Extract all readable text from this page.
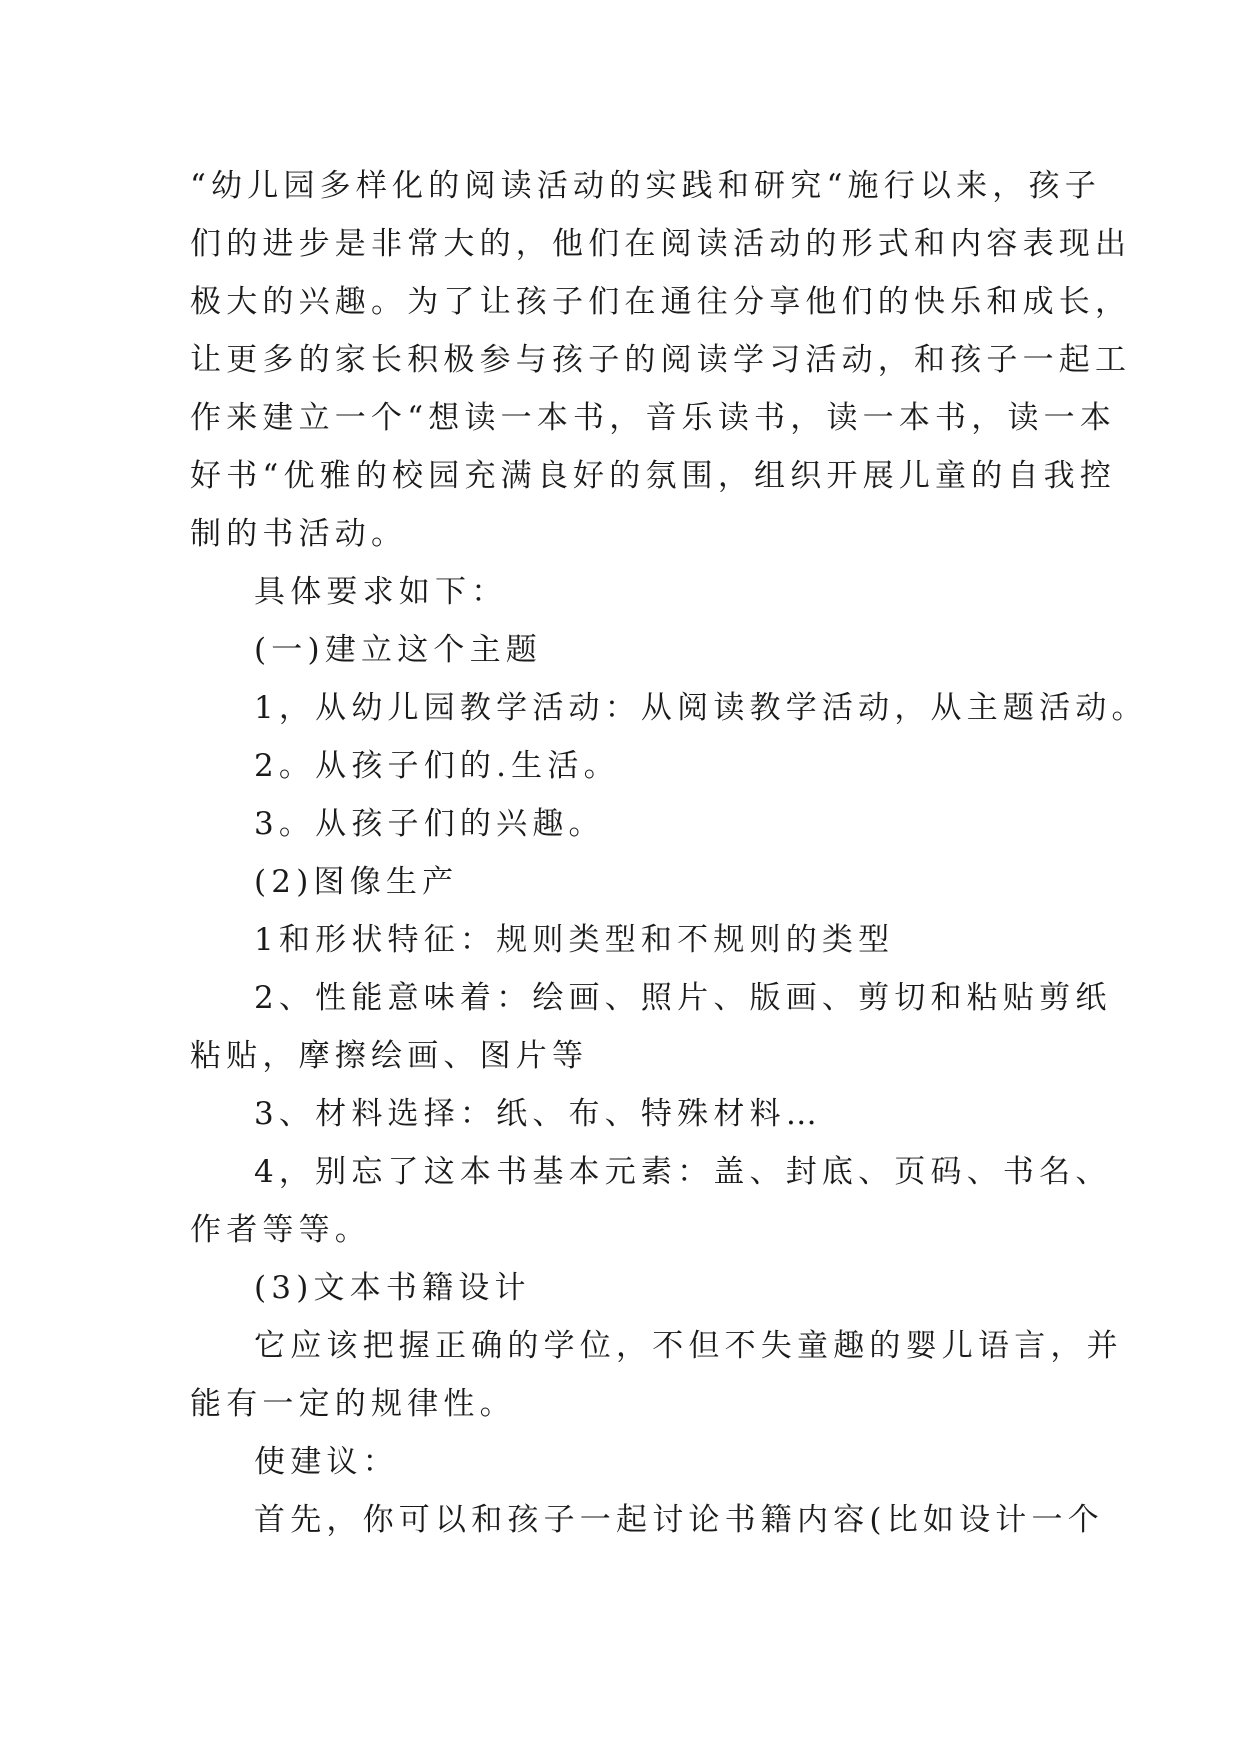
“幼儿园多样化的阅读活动的实践和研究“施行以来，孩子
们的进步是非常大的，他们在阅读活动的形式和内容表现出
极大的兴趣。为了让孩子们在通往分享他们的快乐和成长，
让更多的家长积极参与孩子的阅读学习活动，和孩子一起工
作来建立一个“想读一本书，音乐读书，读一本书，读一本
好书“优雅的校园充满良好的氛围，组织开展儿童的自我控
制的书活动。
具体要求如下：
(一)建立这个主题
1，从幼儿园教学活动：从阅读教学活动，从主题活动。
2。从孩子们的.生活。
3。从孩子们的兴趣。
(2)图像生产
1和形状特征：规则类型和不规则的类型
2、性能意味着：绘画、照片、版画、剪切和粘贴剪纸
粘贴，摩擦绘画、图片等
3、材料选择：纸、布、特殊材料…
4，别忘了这本书基本元素：盖、封底、页码、书名、
作者等等。
(3)文本书籍设计
它应该把握正确的学位，不但不失童趣的婴儿语言，并
能有一定的规律性。
使建议：
首先，你可以和孩子一起讨论书籍内容(比如设计一个
